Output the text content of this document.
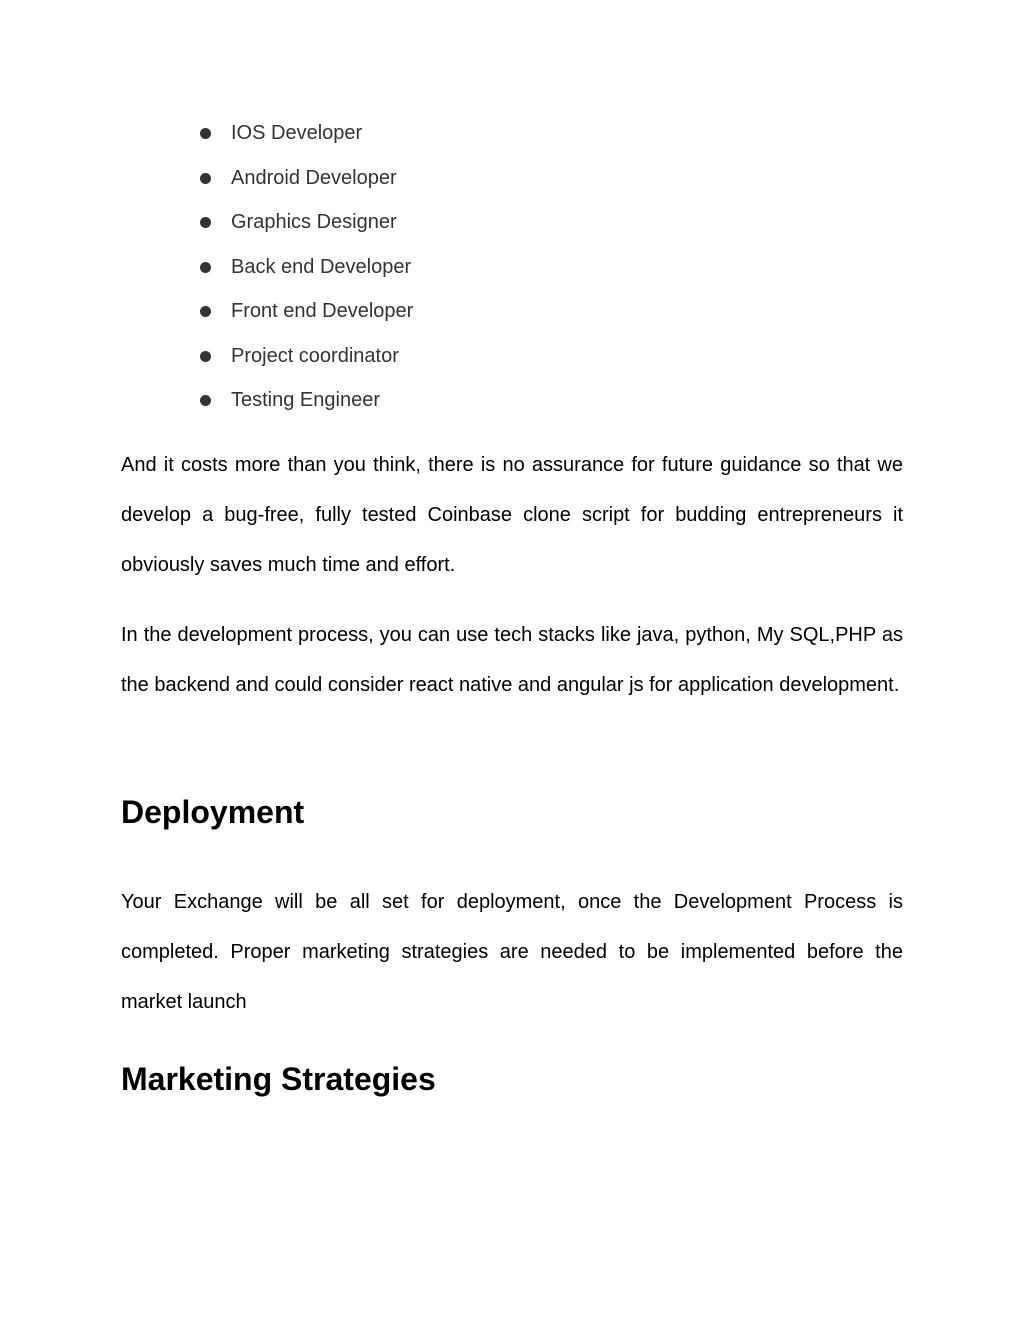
IOS Developer
Android Developer
Graphics Designer
Back end Developer
Front end Developer
Project coordinator
Testing Engineer

And it costs more than you think, there is no assurance for future guidance so that we develop a bug-free, fully tested Coinbase clone script for budding entrepreneurs it obviously saves much time and effort.

In the development process, you can use tech stacks like java, python, My SQL,PHP as the backend and could consider react native and angular js for application development.

Deployment

Your Exchange will be all set for deployment, once the Development Process is completed. Proper marketing strategies are needed to be implemented before the market launch

Marketing Strategies
